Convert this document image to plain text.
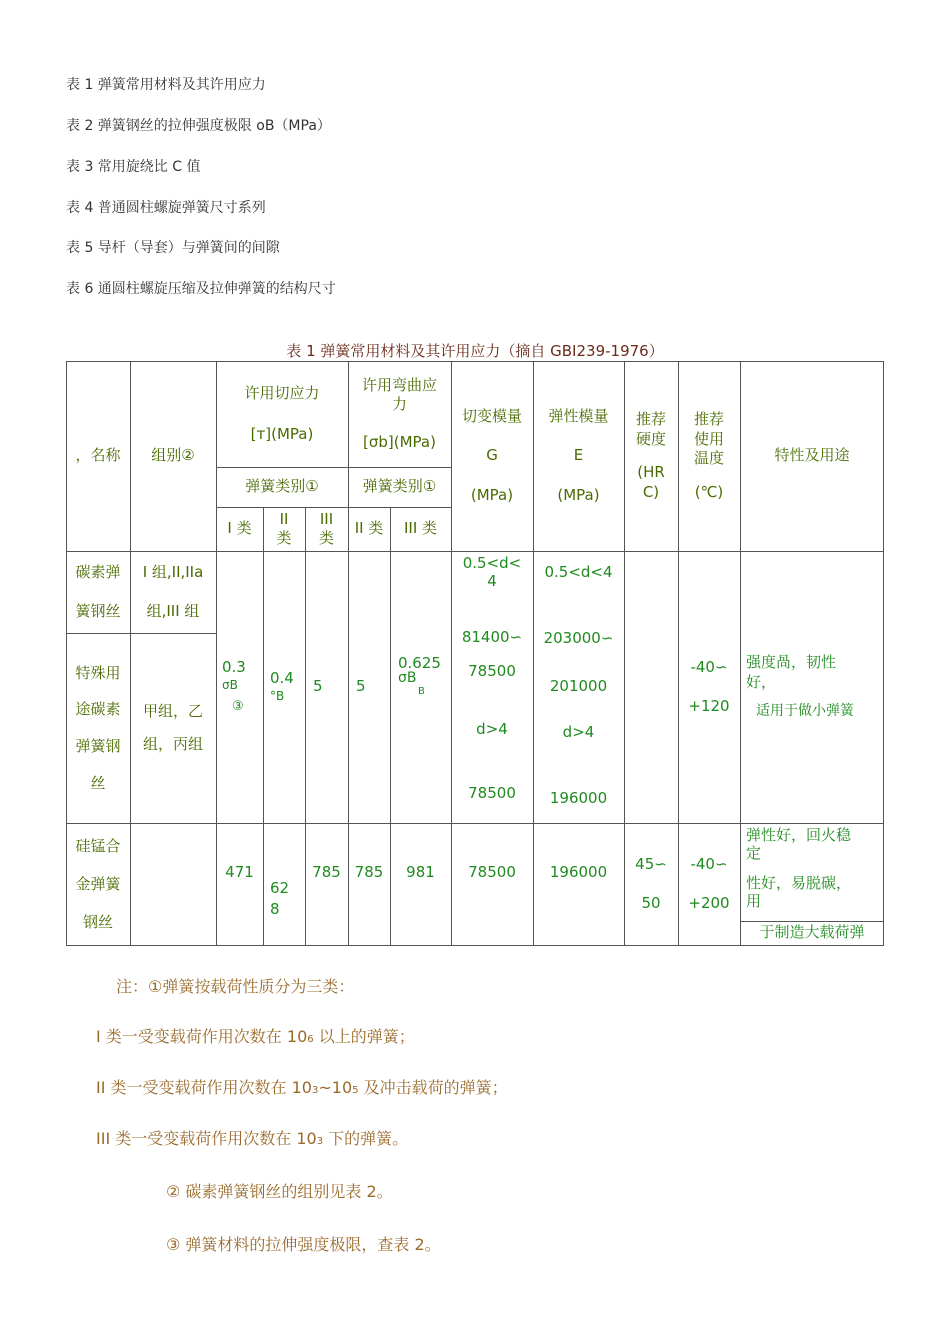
表 1 弹簧常用材料及其许用应力
表 2 弹簧钢丝的拉伸强度极限 oB（MPa）
表 3 常用旋绕比 C 值
表 4 普通圆柱螺旋弹簧尺寸系列
表 5 导杆（导套）与弹簧间的间隙
表 6 通圆柱螺旋压缩及拉伸弹簧的结构尺寸
表 1 弹簧常用材料及其许用应力（摘自 GBI239-1976）
，名称 组别②
许用切应力
[т](MPa)
许用弯曲应
力
[σb](MPa)
切变模量
G
(MPa)
弹性模量
E
(MPa)
推荐
硬度
(HR
C)
推荐
使用
温度
(℃)
特性及用途
弹簧类别①	弹簧类别①
I 类
II
类
III
类
II 类 III 类
碳素弹
簧钢丝
I 组,II,IIa
组,III 组
特殊用
途碳素
弹簧钢
丝
甲组，乙
组，丙组
0.3
σB
③
0.4
°B
5 5
0.625
σB
B
0.5<d<
4
81400∽
78500
d>4
78500
0.5<d<4
203000∽
201000
d>4
196000
-40∽
+120
强度咼，韧性
好，
适用于做小弹簧
硅锰合
金弹簧
钢丝
471
62
8
785 785 981 78500 196000 45∽
50
-40∽
+200
弹性好，回火稳
定
性好，易脱碳，
用
于制造大载荷弹
注：①弹簧按载荷性质分为三类：
I 类一受变载荷作用次数在 106 以上的弹簧；
II 类一受变载荷作用次数在 103~105 及冲击载荷的弹簧；
III 类一受变载荷作用次数在 103 下的弹簧。
② 碳素弹簧钢丝的组别见表 2。
③ 弹簧材料的拉伸强度极限，查表 2。
